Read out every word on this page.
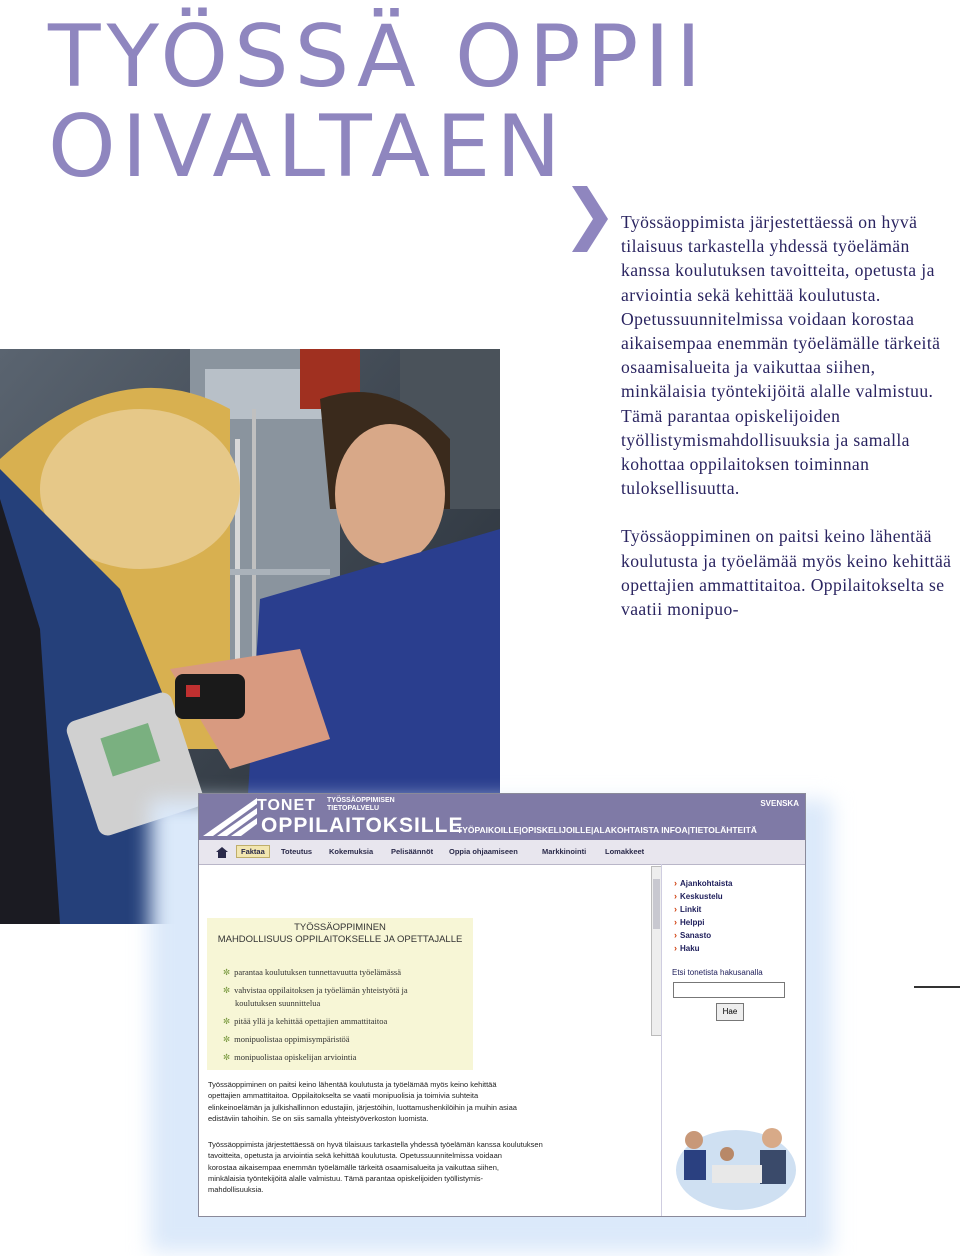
TYÖSSÄ OPPII
OIVALTAEN

Työssäoppimista järjestettäessä on hyvä tilaisuus tarkastella yhdessä työelämän kanssa koulutuksen tavoitteita, opetusta ja arviointia sekä kehittää koulutusta. Opetussuunnitelmissa voidaan korostaa aikaisempaa enemmän työelämälle tärkeitä osaamisalueita ja vaikuttaa siihen, minkälaisia työntekijöitä alalle valmistuu. Tämä parantaa opiskelijoiden työllistymismahdollisuuksia ja samalla kohottaa oppilaitoksen toiminnan tuloksellisuutta.

Työssäoppiminen on paitsi keino lähentää koulutusta ja työelämää myös keino kehittää opettajien ammattitaitoa. Oppilaitokselta se vaatii monipuo-

TONET TYÖSSÄOPPIMISEN TIETOPALVELU
OPPILAITOKSILLE
SVENSKA
TYÖPAIKOILLE|OPISKELIJOILLE|ALAKOHTAISTA INFOA|TIETOLÄHTEITÄ
Faktaa	Toteutus Kokemuksia Pelisäännöt Oppia ohjaamiseen	Markkinointi	Lomakkeet
TYÖSSÄOPPIMINEN
MAHDOLLISUUS OPPILAITOKSELLE JA OPETTAJALLE
✼ parantaa koulutuksen tunnettavuutta työelämässä
✼ vahvistaa oppilaitoksen ja työelämän yhteistyötä ja
koulutuksen suunnittelua
✼ pitää yllä ja kehittää opettajien ammattitaitoa
✼ monipuolistaa oppimisympäristöä
✼ monipuolistaa opiskelijan arviointia
Työssäoppiminen on paitsi keino lähentää koulutusta ja työelämää myös keino kehittää
opettajien ammattitaitoa. Oppilaitokselta se vaatii monipuolisia ja toimivia suhteita
elinkeinoelämän ja julkishallinnon edustajiin, järjestöihin, luottamushenkilöihin ja muihin asiaa
edistäviin tahoihin. Se on siis samalla yhteistyöverkoston luomista.
Työssäoppimista järjestettäessä on hyvä tilaisuus tarkastella yhdessä työelämän kanssa koulutuksen
tavoitteita, opetusta ja arviointia sekä kehittää koulutusta. Opetussuunnitelmissa voidaan
korostaa aikaisempaa enemmän työelämälle tärkeitä osaamisalueita ja vaikuttaa siihen,
minkälaisia työntekijöitä alalle valmistuu. Tämä parantaa opiskelijoiden työllistymis-
mahdollisuuksia.
› Ajankohtaista
› Keskustelu
› Linkit
› Helppi
› Sanasto
› Haku
Etsi tonetista hakusanalla
Hae
